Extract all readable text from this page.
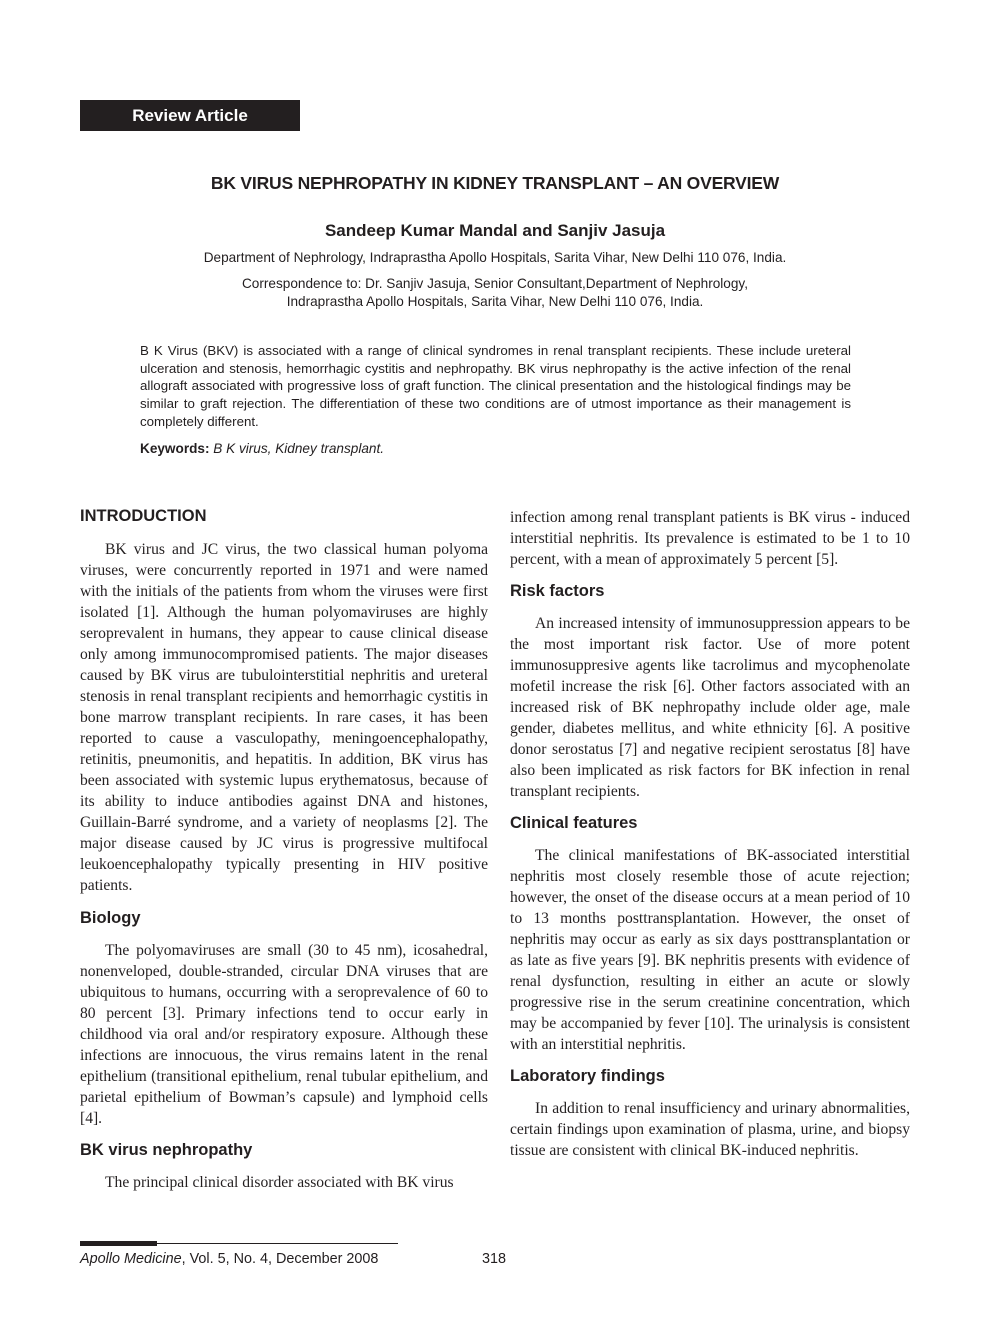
Review Article
BK VIRUS NEPHROPATHY IN KIDNEY TRANSPLANT – AN OVERVIEW
Sandeep Kumar Mandal and Sanjiv Jasuja
Department of Nephrology, Indraprastha Apollo Hospitals, Sarita Vihar, New Delhi 110 076, India.
Correspondence to: Dr. Sanjiv Jasuja, Senior Consultant,Department of Nephrology,
Indraprastha Apollo Hospitals, Sarita Vihar, New Delhi 110 076, India.
B K Virus (BKV) is associated with a range of clinical syndromes in renal transplant recipients. These include ureteral ulceration and stenosis, hemorrhagic cystitis and nephropathy. BK virus nephropathy is the active infection of the renal allograft associated with progressive loss of graft function. The clinical presentation and the histological findings may be similar to graft rejection. The differentiation of these two conditions are of utmost importance as their management is completely different.
Keywords: B K virus, Kidney transplant.
INTRODUCTION

BK virus and JC virus, the two classical human polyoma viruses, were concurrently reported in 1971 and were named with the initials of the patients from whom the viruses were first isolated [1]. Although the human polyomaviruses are highly seroprevalent in humans, they appear to cause clinical disease only among immunocompromised patients. The major diseases caused by BK virus are tubulointerstitial nephritis and ureteral stenosis in renal transplant recipients and hemorrhagic cystitis in bone marrow transplant recipients. In rare cases, it has been reported to cause a vasculopathy, meningoencephalopathy, retinitis, pneumonitis, and hepatitis. In addition, BK virus has been associated with systemic lupus erythematosus, because of its ability to induce antibodies against DNA and histones, Guillain-Barré syndrome, and a variety of neoplasms [2]. The major disease caused by JC virus is progressive multifocal leukoencephalopathy typically presenting in HIV positive patients.

Biology

The polyomaviruses are small (30 to 45 nm), icosahedral, nonenveloped, double-stranded, circular DNA viruses that are ubiquitous to humans, occurring with a seroprevalence of 60 to 80 percent [3]. Primary infections tend to occur early in childhood via oral and/or respiratory exposure. Although these infections are innocuous, the virus remains latent in the renal epithelium (transitional epithelium, renal tubular epithelium, and parietal epithelium of Bowman’s capsule) and lymphoid cells [4].

BK virus nephropathy

The principal clinical disorder associated with BK virus

infection among renal transplant patients is BK virus - induced interstitial nephritis. Its prevalence is estimated to be 1 to 10 percent, with a mean of approximately 5 percent [5].

Risk factors

An increased intensity of immunosuppression appears to be the most important risk factor. Use of more potent immunosuppresive agents like tacrolimus and mycophenolate mofetil increase the risk [6]. Other factors associated with an increased risk of BK nephropathy include older age, male gender, diabetes mellitus, and white ethnicity [6]. A positive donor serostatus [7] and negative recipient serostatus [8] have also been implicated as risk factors for BK infection in renal transplant recipients.

Clinical features

The clinical manifestations of BK-associated interstitial nephritis most closely resemble those of acute rejection; however, the onset of the disease occurs at a mean period of 10 to 13 months posttransplantation. However, the onset of nephritis may occur as early as six days posttransplantation or as late as five years [9]. BK nephritis presents with evidence of renal dysfunction, resulting in either an acute or slowly progressive rise in the serum creatinine concentration, which may be accompanied by fever [10]. The urinalysis is consistent with an interstitial nephritis.

Laboratory findings

In addition to renal insufficiency and urinary abnormalities, certain findings upon examination of plasma, urine, and biopsy tissue are consistent with clinical BK-induced nephritis.

Apollo Medicine, Vol. 5, No. 4, December 2008	318
